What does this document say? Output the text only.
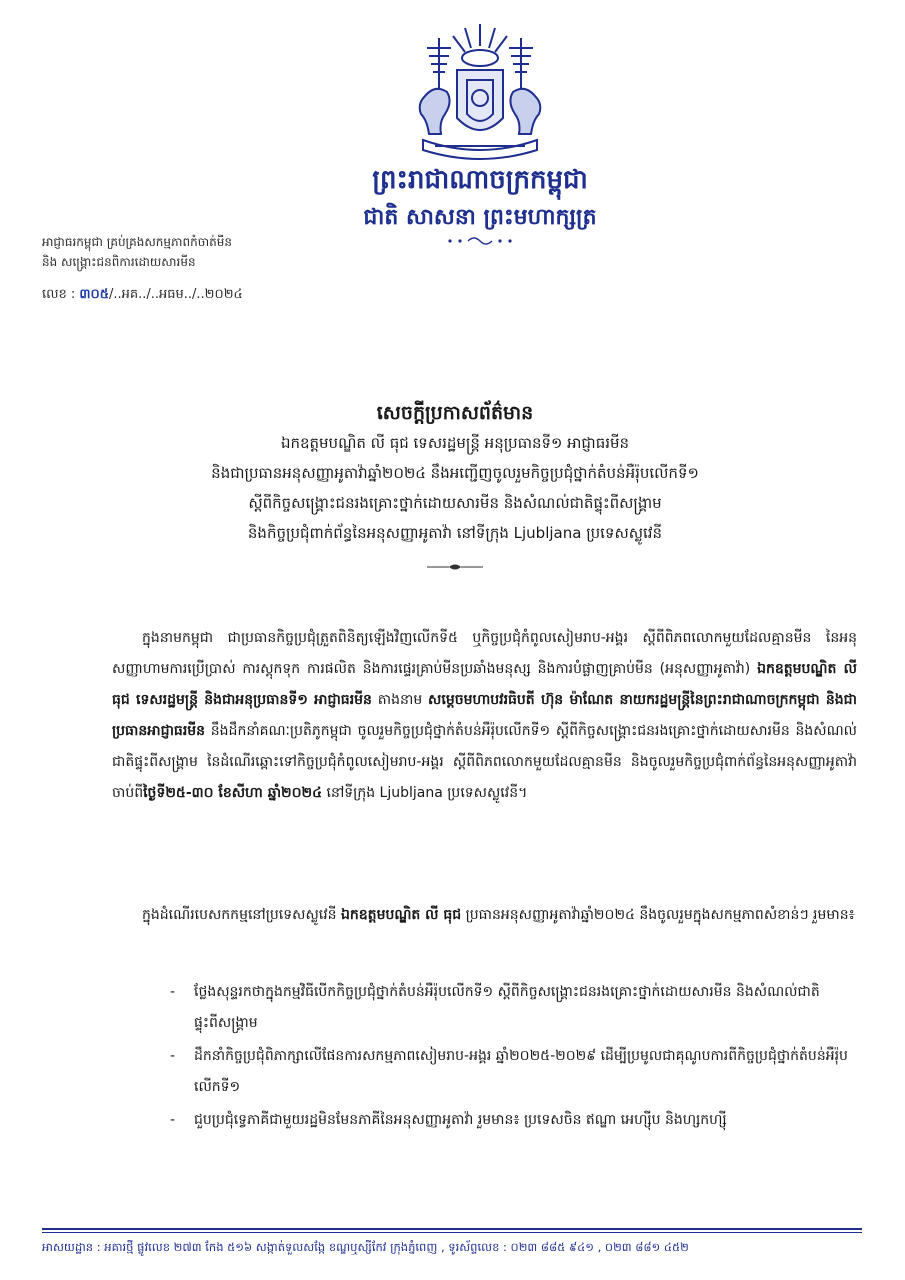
ព្រះរាជាណាចក្រកម្ពុជា
ជាតិ សាសនា ព្រះមហាក្សត្រ
អាជ្ញាធរកម្ពុជា គ្រប់គ្រងសកម្មភាពកំចាត់មីន
និង សង្គ្រោះជនពិការដោយសារមីន
លេខ : ៣០៥/..អគ../..អធម../..២០២៤
សេចក្តីប្រកាសព័ត៌មាន
ឯកឧត្តមបណ្ឌិត លី ធុជ ទេសរដ្ឋមន្ត្រី អនុប្រធានទី១ អាជ្ញាធរមីន
និងជាប្រធានអនុសញ្ញាអូតាវ៉ាឆ្នាំ២០២៤ នឹងអញ្ជើញចូលរួមកិច្ចប្រជុំថ្នាក់តំបន់អឺរ៉ុបលើកទី១
ស្តីពីកិច្ចសង្គ្រោះជនរងគ្រោះថ្នាក់ដោយសារមីន និងសំណល់ជាតិផ្ទុះពីសង្គ្រាម
និងកិច្ចប្រជុំពាក់ព័ន្ធនៃអនុសញ្ញាអូតាវ៉ា នៅទីក្រុង Ljubljana ប្រទេសស្លូវេនី
ក្នុងនាមកម្ពុជា ជាប្រធានកិច្ចប្រជុំត្រួតពិនិត្យឡើងវិញលើកទី៥ ឬកិច្ចប្រជុំកំពូលសៀមរាប-អង្គរ ស្តីពីពិភពលោកមួយដែលគ្មានមីន នៃអនុសញ្ញាហាមការប្រើប្រាស់ ការស្តុកទុក ការផលិត និងការផ្ទេរគ្រាប់មីនប្រឆាំងមនុស្ស និងការបំផ្លាញគ្រាប់មីន (អនុសញ្ញាអូតាវ៉ា) ឯកឧត្តមបណ្ឌិត លី ធុជ ទេសរដ្ឋមន្ត្រី និងជាអនុប្រធានទី១ អាជ្ញាធរមីន តាងនាម សម្តេចមហាបវរធិបតី ហ៊ុន ម៉ាណែត នាយករដ្ឋមន្ត្រីនៃព្រះរាជាណាចក្រកម្ពុជា និងជាប្រធានអាជ្ញាធរមីន នឹងដឹកនាំគណៈប្រតិភូកម្ពុជា ចូលរួមកិច្ចប្រជុំថ្នាក់តំបន់អឺរ៉ុបលើកទី១ ស្តីពីកិច្ចសង្គ្រោះជនរងគ្រោះថ្នាក់ដោយសារមីន និងសំណល់ជាតិផ្ទុះពីសង្គ្រាម នៃដំណើរឆ្ពោះទៅកិច្ចប្រជុំកំពូលសៀមរាប-អង្គរ ស្តីពីពិភពលោកមួយដែលគ្មានមីន និងចូលរួមកិច្ចប្រជុំពាក់ព័ន្ធនៃអនុសញ្ញាអូតាវ៉ា ចាប់ពីថ្ងៃទី២៥-៣០ ខែសីហា ឆ្នាំ២០២៤ នៅទីក្រុង Ljubljana ប្រទេសស្លូវេនី។
ក្នុងដំណើរបេសកកម្មនៅប្រទេសស្លូវេនី ឯកឧត្តមបណ្ឌិត លី ធុជ ប្រធានអនុសញ្ញាអូតាវ៉ាឆ្នាំ២០២៤ នឹងចូលរួមក្នុងសកម្មភាពសំខាន់ៗ រួមមាន៖
- ថ្លែងសុន្ទរកថាក្នុងកម្មវិធីបើកកិច្ចប្រជុំថ្នាក់តំបន់អឺរ៉ុបលើកទី១ ស្តីពីកិច្ចសង្គ្រោះជនរងគ្រោះថ្នាក់ដោយសារមីន និងសំណល់ជាតិផ្ទុះពីសង្គ្រាម
- ដឹកនាំកិច្ចប្រជុំពិភាក្សាលើផែនការសកម្មភាពសៀមរាប-អង្គរ ឆ្នាំ២០២៥-២០២៩ ដើម្បីប្រមូលជាគុណូបការពីកិច្ចប្រជុំថ្នាក់តំបន់អឺរ៉ុបលើកទី១
- ជួបប្រជុំទ្វេភាគីជាមួយរដ្ឋមិនមែនភាគីនៃអនុសញ្ញាអូតាវ៉ា រួមមាន៖ ប្រទេសចិន ឥណ្ឌា អេហ្ស៊ីប និងហ្សកហ្ស៊ី
អាសយដ្ឋាន : អគារថ្មី ផ្លូវលេខ ២៧៣ កែង ៥១៦ សង្កាត់ទួលសង្កែ ខណ្ឌឬស្សីកែវ ក្រុងភ្នំពេញ , ទូរស័ព្ទលេខ : ០២៣ ៨៨៥ ៩៤១ , ០២៣ ៨៨១ ៤៥២
